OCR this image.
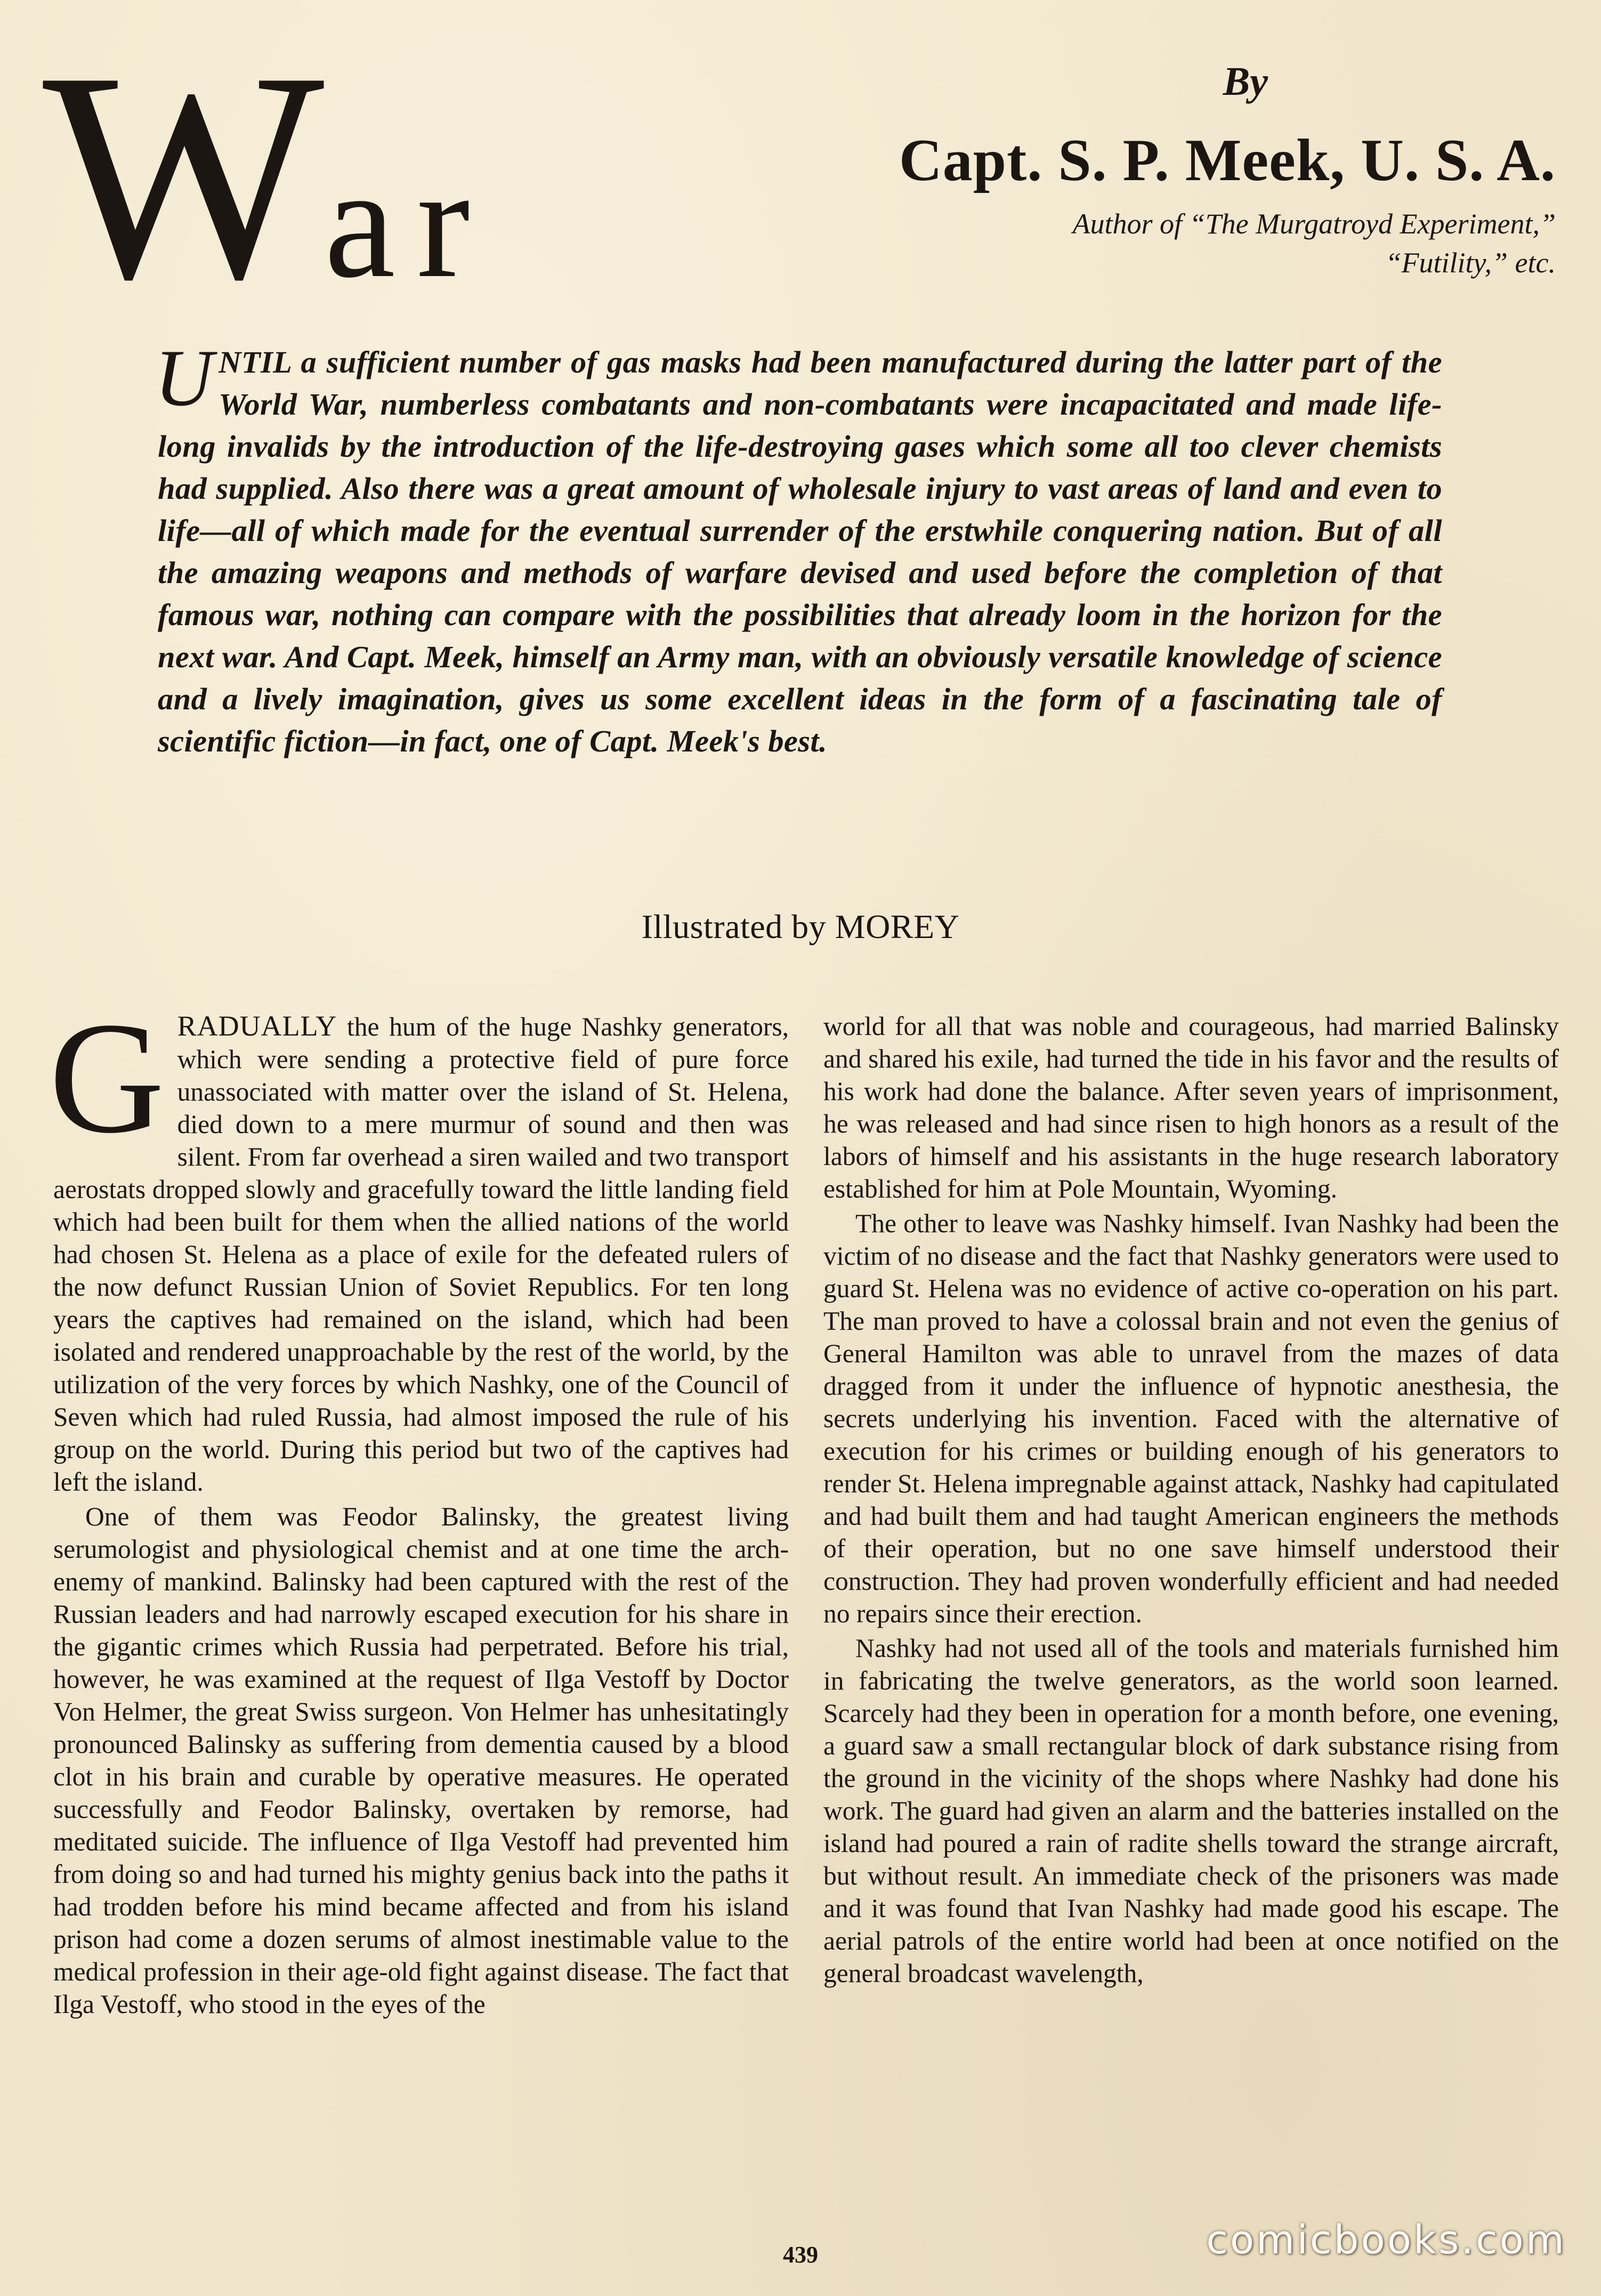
War
By
Capt. S. P. Meek, U. S. A.
Author of “The Murgatroyd Experiment,”
“Futility,” etc.

UNTIL a sufficient number of gas masks had been manufactured during the latter part of the World War, numberless combatants and non-combatants were incapacitated and made life-long invalids by the introduction of the life-destroying gases which some all too clever chemists had supplied. Also there was a great amount of wholesale injury to vast areas of land and even to life—all of which made for the eventual surrender of the erstwhile conquering nation. But of all the amazing weapons and methods of warfare devised and used before the completion of that famous war, nothing can compare with the possibilities that already loom in the horizon for the next war. And Capt. Meek, himself an Army man, with an obviously versatile knowledge of science and a lively imagination, gives us some excellent ideas in the form of a fascinating tale of scientific fiction—in fact, one of Capt. Meek's best.

Illustrated by MOREY

GRADUALLY the hum of the huge Nashky generators, which were sending a protective field of pure force unassociated with matter over the island of St. Helena, died down to a mere murmur of sound and then was silent. From far overhead a siren wailed and two transport aerostats dropped slowly and gracefully toward the little landing field which had been built for them when the allied nations of the world had chosen St. Helena as a place of exile for the defeated rulers of the now defunct Russian Union of Soviet Republics. For ten long years the captives had remained on the island, which had been isolated and rendered unapproachable by the rest of the world, by the utilization of the very forces by which Nashky, one of the Council of Seven which had ruled Russia, had almost imposed the rule of his group on the world. During this period but two of the captives had left the island.

One of them was Feodor Balinsky, the greatest living serumologist and physiological chemist and at one time the arch-enemy of mankind. Balinsky had been captured with the rest of the Russian leaders and had narrowly escaped execution for his share in the gigantic crimes which Russia had perpetrated. Before his trial, however, he was examined at the request of Ilga Vestoff by Doctor Von Helmer, the great Swiss surgeon. Von Helmer has unhesitatingly pronounced Balinsky as suffering from dementia caused by a blood clot in his brain and curable by operative measures. He operated successfully and Feodor Balinsky, overtaken by remorse, had meditated suicide. The influence of Ilga Vestoff had prevented him from doing so and had turned his mighty genius back into the paths it had trodden before his mind became affected and from his island prison had come a dozen serums of almost inestimable value to the medical profession in their age-old fight against disease. The fact that Ilga Vestoff, who stood in the eyes of the

world for all that was noble and courageous, had married Balinsky and shared his exile, had turned the tide in his favor and the results of his work had done the balance. After seven years of imprisonment, he was released and had since risen to high honors as a result of the labors of himself and his assistants in the huge research laboratory established for him at Pole Mountain, Wyoming.

The other to leave was Nashky himself. Ivan Nashky had been the victim of no disease and the fact that Nashky generators were used to guard St. Helena was no evidence of active co-operation on his part. The man proved to have a colossal brain and not even the genius of General Hamilton was able to unravel from the mazes of data dragged from it under the influence of hypnotic anesthesia, the secrets underlying his invention. Faced with the alternative of execution for his crimes or building enough of his generators to render St. Helena impregnable against attack, Nashky had capitulated and had built them and had taught American engineers the methods of their operation, but no one save himself understood their construction. They had proven wonderfully efficient and had needed no repairs since their erection.

Nashky had not used all of the tools and materials furnished him in fabricating the twelve generators, as the world soon learned. Scarcely had they been in operation for a month before, one evening, a guard saw a small rectangular block of dark substance rising from the ground in the vicinity of the shops where Nashky had done his work. The guard had given an alarm and the batteries installed on the island had poured a rain of radite shells toward the strange aircraft, but without result. An immediate check of the prisoners was made and it was found that Ivan Nashky had made good his escape. The aerial patrols of the entire world had been at once notified on the general broadcast wavelength,

439	comicbooks.com
